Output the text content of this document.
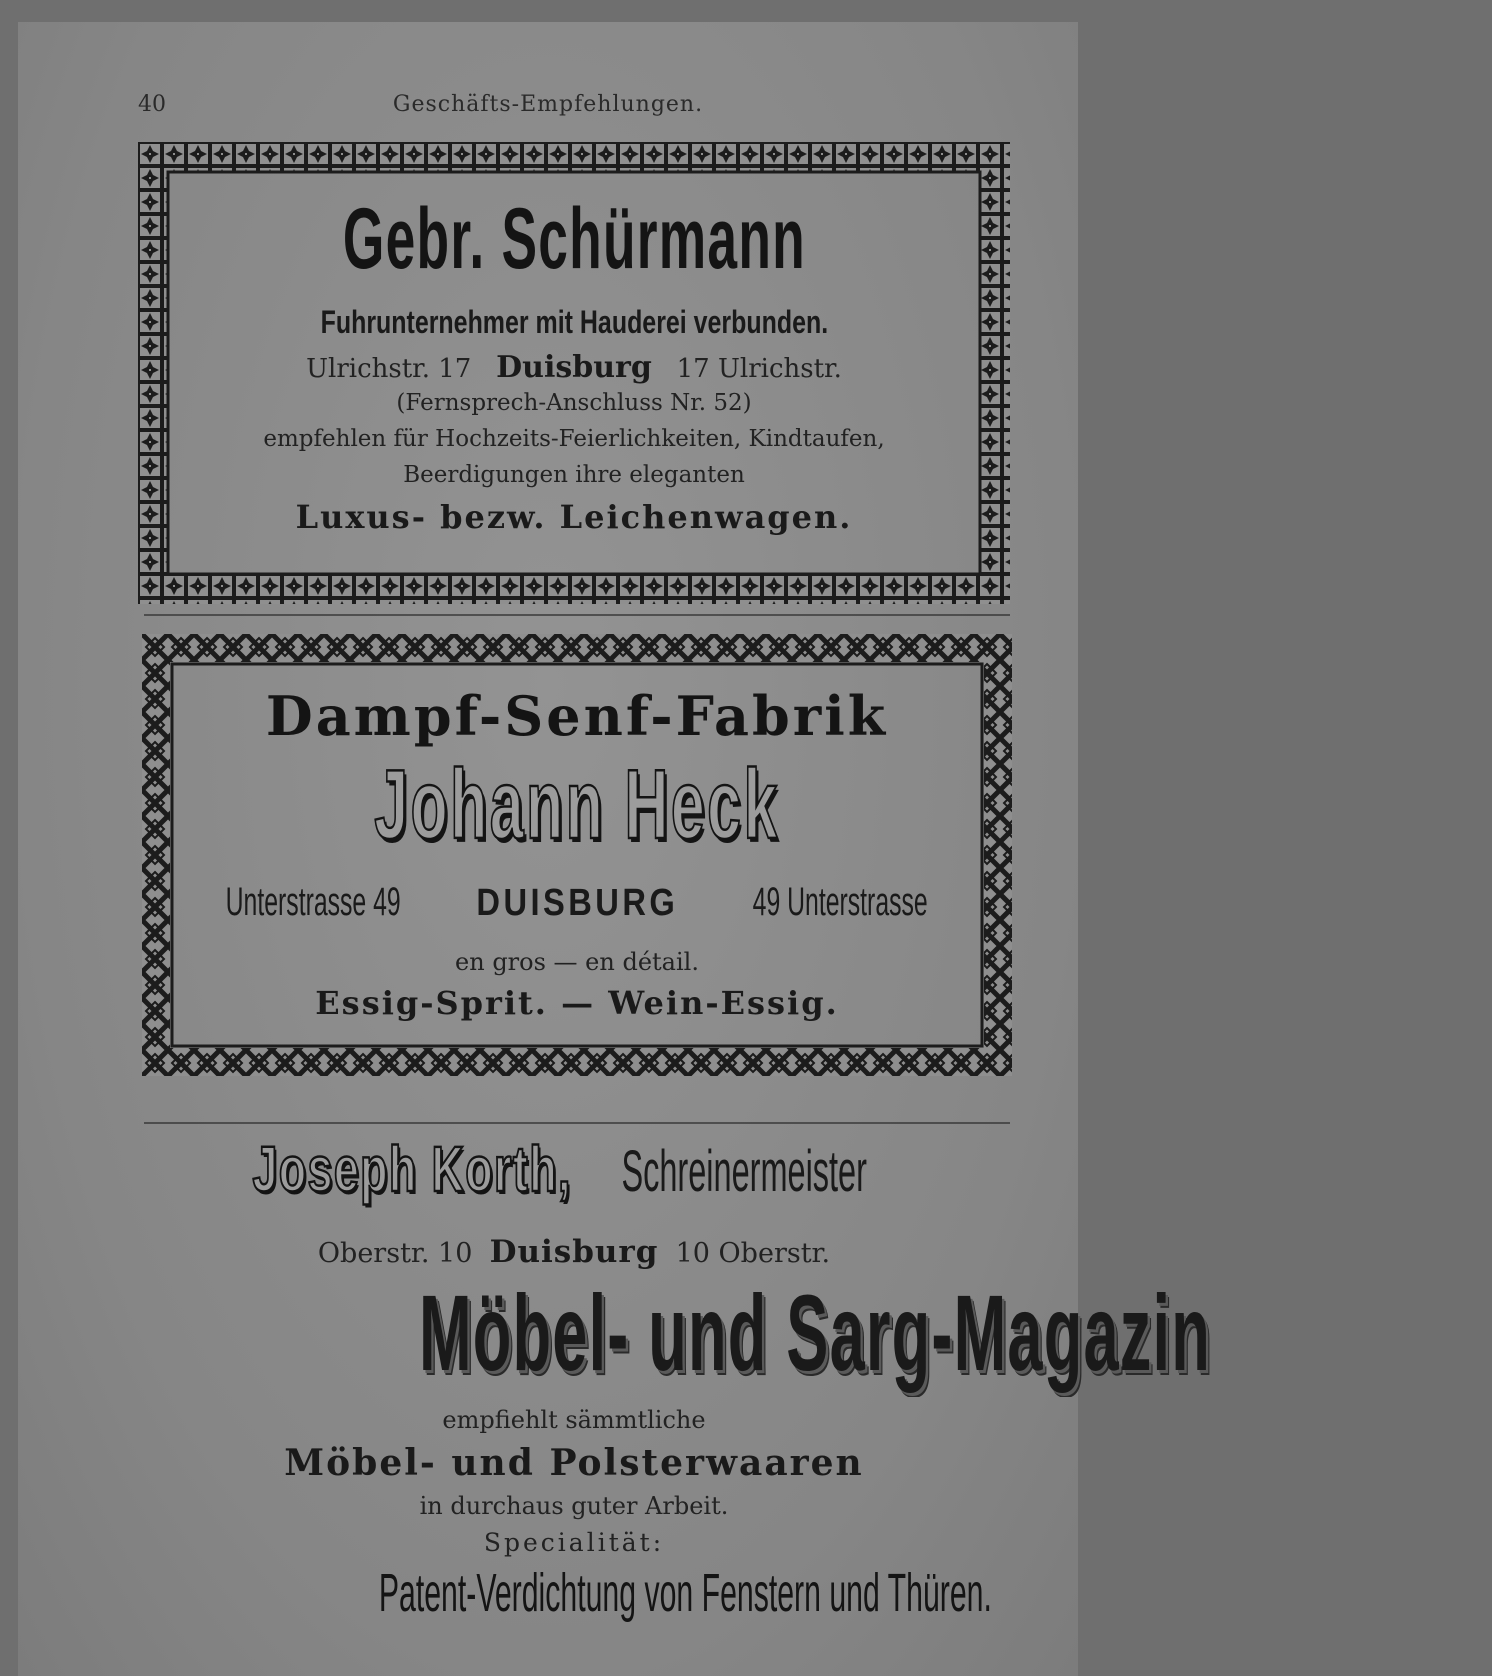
40	Geschäfts-Empfehlungen.
Gebr. Schürmann
Fuhrunternehmer mit Hauderei verbunden.
Ulrichstr. 17 Duisburg 17 Ulrichstr.
(Fernsprech-Anschluss Nr. 52)
empfehlen für Hochzeits-Feierlichkeiten, Kindtaufen,
Beerdigungen ihre eleganten
Luxus- bezw. Leichenwagen.
Dampf-Senf-Fabrik
Johann Heck
Unterstrasse 49 DUISBURG 49 Unterstrasse
en gros — en détail.
Essig-Sprit. — Wein-Essig.
Joseph Korth, Schreinermeister
Oberstr. 10 Duisburg 10 Oberstr.
Möbel- und Sarg-Magazin
empfiehlt sämmtliche
Möbel- und Polsterwaaren
in durchaus guter Arbeit.
Specialität:
Patent-Verdichtung von Fenstern und Thüren.
